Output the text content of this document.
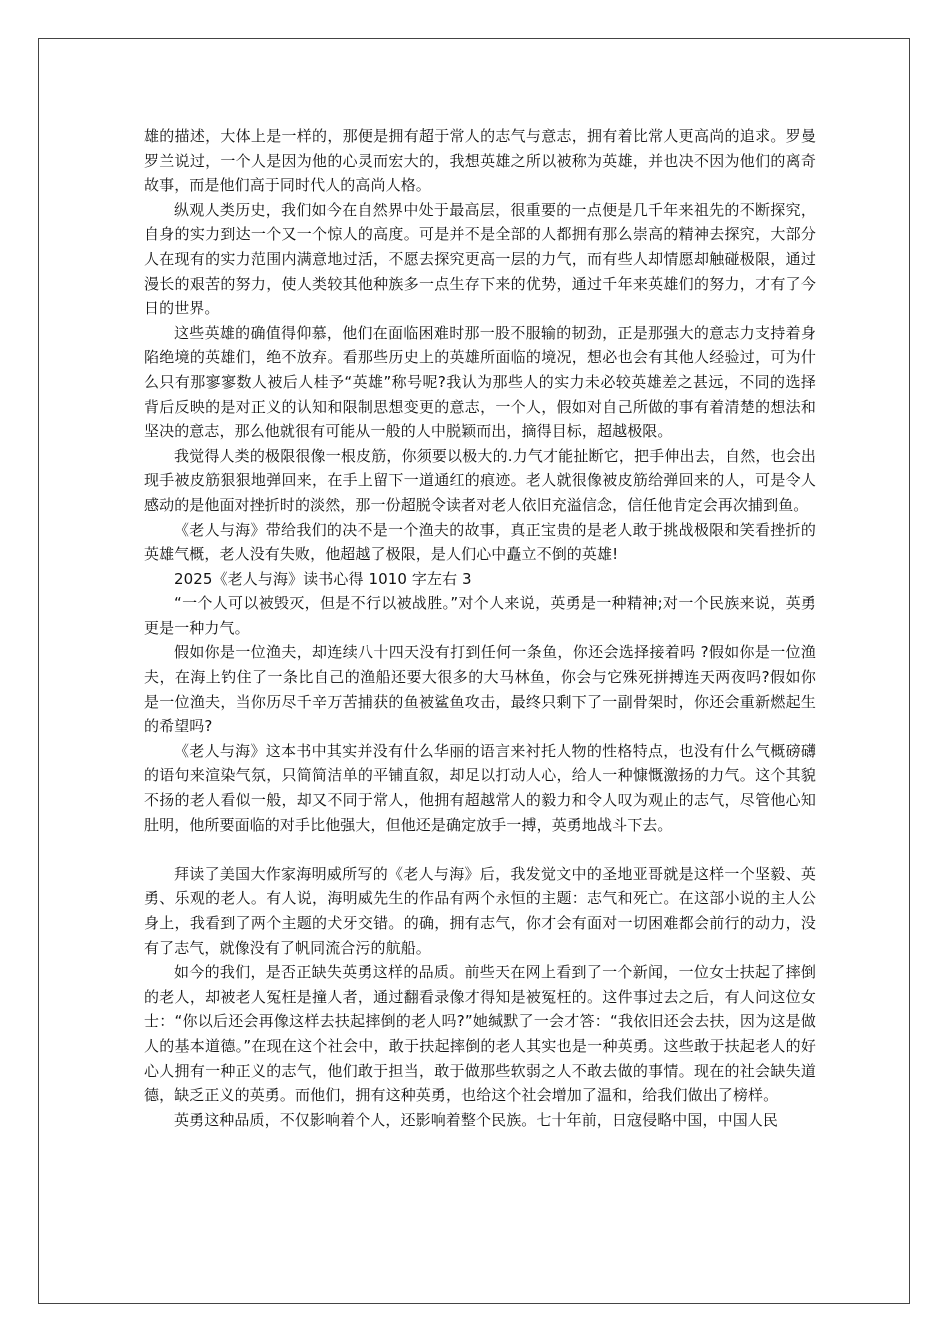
雄的描述，大体上是一样的，那便是拥有超于常人的志气与意志，拥有着比常人更高尚的追求。罗曼罗兰说过，一个人是因为他的心灵而宏大的，我想英雄之所以被称为英雄，并也决不因为他们的离奇故事，而是他们高于同时代人的高尚人格。

纵观人类历史，我们如今在自然界中处于最高层，很重要的一点便是几千年来祖先的不断探究，自身的实力到达一个又一个惊人的高度。可是并不是全部的人都拥有那么崇高的精神去探究，大部分人在现有的实力范围内满意地过活，不愿去探究更高一层的力气，而有些人却情愿却触碰极限，通过漫长的艰苦的努力，使人类较其他种族多一点生存下来的优势，通过千年来英雄们的努力，才有了今日的世界。

这些英雄的确值得仰慕，他们在面临困难时那一股不服输的韧劲，正是那强大的意志力支持着身陷绝境的英雄们，绝不放弃。看那些历史上的英雄所面临的境况，想必也会有其他人经验过，可为什么只有那寥寥数人被后人桂予“英雄”称号呢?我认为那些人的实力未必较英雄差之甚远，不同的选择背后反映的是对正义的认知和限制思想变更的意志，一个人，假如对自己所做的事有着清楚的想法和坚决的意志，那么他就很有可能从一般的人中脱颖而出，摘得目标，超越极限。

我觉得人类的极限很像一根皮筋，你须要以极大的.力气才能扯断它，把手伸出去，自然，也会出现手被皮筋狠狠地弹回来，在手上留下一道通红的痕迹。老人就很像被皮筋给弹回来的人，可是令人感动的是他面对挫折时的淡然，那一份超脱令读者对老人依旧充溢信念，信任他肯定会再次捕到鱼。

《老人与海》带给我们的决不是一个渔夫的故事，真正宝贵的是老人敢于挑战极限和笑看挫折的英雄气概，老人没有失败，他超越了极限，是人们心中矗立不倒的英雄!

2025《老人与海》读书心得 1010 字左右 3

“一个人可以被毁灭，但是不行以被战胜。”对个人来说，英勇是一种精神;对一个民族来说，英勇更是一种力气。

假如你是一位渔夫，却连续八十四天没有打到任何一条鱼，你还会选择接着吗 ?假如你是一位渔夫，在海上钓住了一条比自己的渔船还要大很多的大马林鱼，你会与它殊死拼搏连天两夜吗?假如你是一位渔夫，当你历尽千辛万苦捕获的鱼被鲨鱼攻击，最终只剩下了一副骨架时，你还会重新燃起生的希望吗?

《老人与海》这本书中其实并没有什么华丽的语言来衬托人物的性格特点，也没有什么气概磅礴的语句来渲染气氛，只简简洁单的平铺直叙，却足以打动人心，给人一种慷慨激扬的力气。这个其貌不扬的老人看似一般，却又不同于常人，他拥有超越常人的毅力和令人叹为观止的志气，尽管他心知肚明，他所要面临的对手比他强大，但他还是确定放手一搏，英勇地战斗下去。

拜读了美国大作家海明威所写的《老人与海》后，我发觉文中的圣地亚哥就是这样一个坚毅、英勇、乐观的老人。有人说，海明威先生的作品有两个永恒的主题：志气和死亡。在这部小说的主人公身上，我看到了两个主题的犬牙交错。的确，拥有志气，你才会有面对一切困难都会前行的动力，没有了志气，就像没有了帆同流合污的航船。

如今的我们，是否正缺失英勇这样的品质。前些天在网上看到了一个新闻，一位女士扶起了摔倒的老人，却被老人冤枉是撞人者，通过翻看录像才得知是被冤枉的。这件事过去之后，有人问这位女士：“你以后还会再像这样去扶起摔倒的老人吗?”她缄默了一会才答：“我依旧还会去扶，因为这是做人的基本道德。”在现在这个社会中，敢于扶起摔倒的老人其实也是一种英勇。这些敢于扶起老人的好心人拥有一种正义的志气，他们敢于担当，敢于做那些软弱之人不敢去做的事情。现在的社会缺失道德，缺乏正义的英勇。而他们，拥有这种英勇，也给这个社会增加了温和，给我们做出了榜样。

英勇这种品质，不仅影响着个人，还影响着整个民族。七十年前，日寇侵略中国，中国人民
